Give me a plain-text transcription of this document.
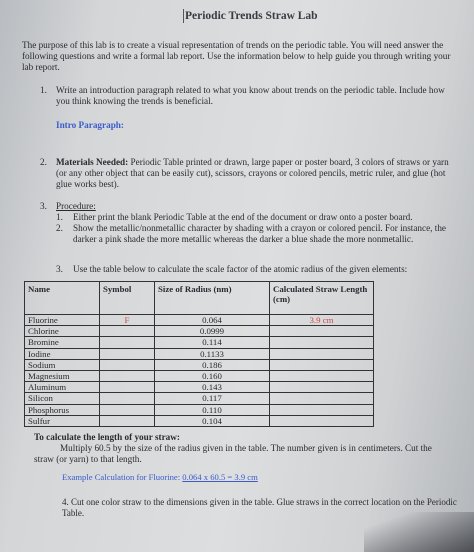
Periodic Trends Straw Lab
The purpose of this lab is to create a visual representation of trends on the periodic table. You will need answer the following questions and write a formal lab report. Use the information below to help guide you through writing your lab report.
1. Write an introduction paragraph related to what you know about trends on the periodic table. Include how you think knowing the trends is beneficial.
Intro Paragraph:
2. Materials Needed: Periodic Table printed or drawn, large paper or poster board, 3 colors of straws or yarn (or any other object that can be easily cut), scissors, crayons or colored pencils, metric ruler, and glue (hot glue works best).
3. Procedure:
1. Either print the blank Periodic Table at the end of the document or draw onto a poster board.
2. Show the metallic/nonmetallic character by shading with a crayon or colored pencil. For instance, the darker a pink shade the more metallic whereas the darker a blue shade the more nonmetallic.
3. Use the table below to calculate the scale factor of the atomic radius of the given elements:
Name	Symbol	Size of Radius (nm)	Calculated Straw Length (cm)
Fluorine	F	0.064	3.9 cm
Chlorine		0.0999	
Bromine		0.114	
Iodine		0.1133	
Sodium		0.186	
Magnesium		0.160	
Aluminum		0.143	
Silicon		0.117	
Phosphorus		0.110	
Sulfur		0.104	
To calculate the length of your straw:
Multiply 60.5 by the size of the radius given in the table. The number given is in centimeters. Cut the straw (or yarn) to that length.
Example Calculation for Fluorine: 0.064 x 60.5 = 3.9 cm
4. Cut one color straw to the dimensions given in the table. Glue straws in the correct location on the Periodic Table.
